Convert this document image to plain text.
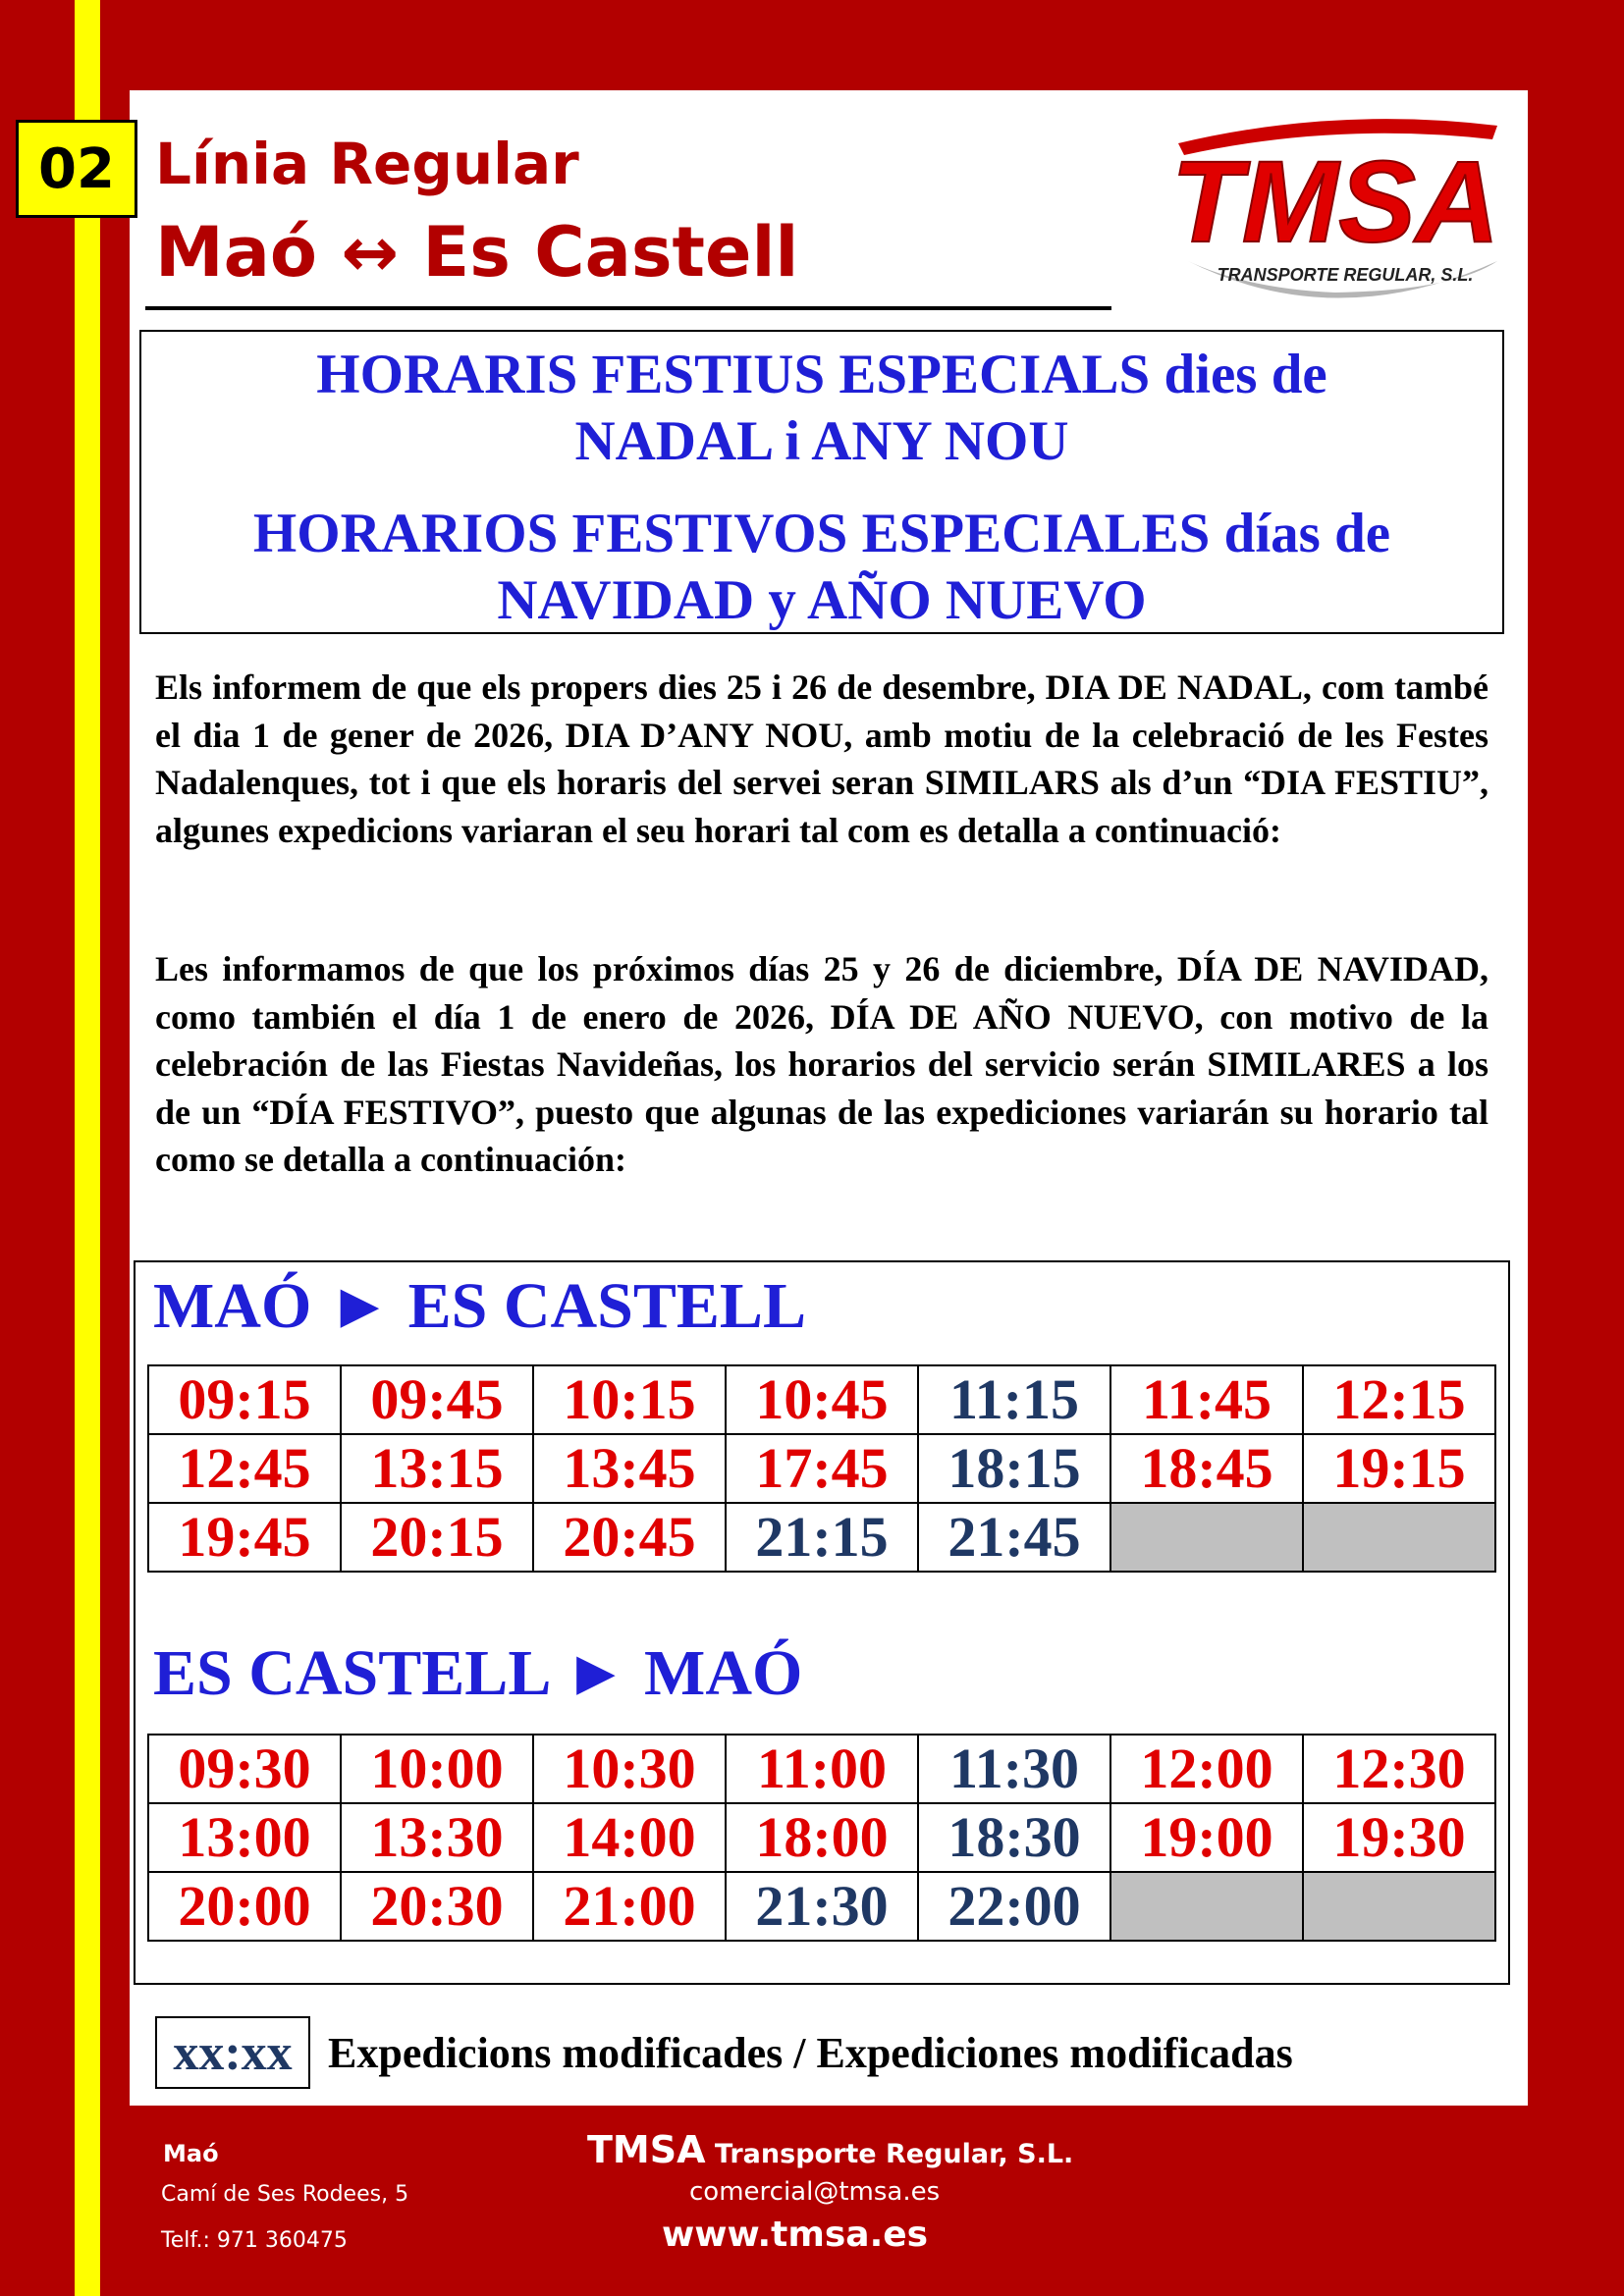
02 Línia Regular
Maó ↔ Es Castell	TMSA
TRANSPORTE REGULAR, S.L.
HORARIS FESTIUS ESPECIALS dies de
NADAL i ANY NOU
HORARIOS FESTIVOS ESPECIALES días de
NAVIDAD y AÑO NUEVO
Els informem de que els propers dies 25 i 26 de desembre, DIA DE NADAL, com també el dia 1 de gener de 2026, DIA D’ANY NOU, amb motiu de la celebració de les Festes Nadalenques, tot i que els horaris del servei seran SIMILARS als d’un “DIA FESTIU”, algunes expedicions variaran el seu horari tal com es detalla a continuació:
Les informamos de que los próximos días 25 y 26 de diciembre, DÍA DE NAVIDAD, como también el día 1 de enero de 2026, DÍA DE AÑO NUEVO, con motivo de la celebración de las Fiestas Navideñas, los horarios del servicio serán SIMILARES a los de un “DÍA FESTIVO”, puesto que algunas de las expediciones variarán su horario tal como se detalla a continuación:
MAÓ ► ES CASTELL
09:15	09:45	10:15	10:45	11:15	11:45	12:15
12:45	13:15	13:45	17:45	18:15	18:45	19:15
19:45	20:15	20:45	21:15	21:45		
ES CASTELL ► MAÓ
09:30	10:00	10:30	11:00	11:30	12:00	12:30
13:00	13:30	14:00	18:00	18:30	19:00	19:30
20:00	20:30	21:00	21:30	22:00		
xx:xx Expedicions modificades / Expediciones modificadas
Maó
Camí de Ses Rodees, 5
Telf.: 971 360475
TMSA Transporte Regular, S.L.
comercial@tmsa.es
www.tmsa.es
